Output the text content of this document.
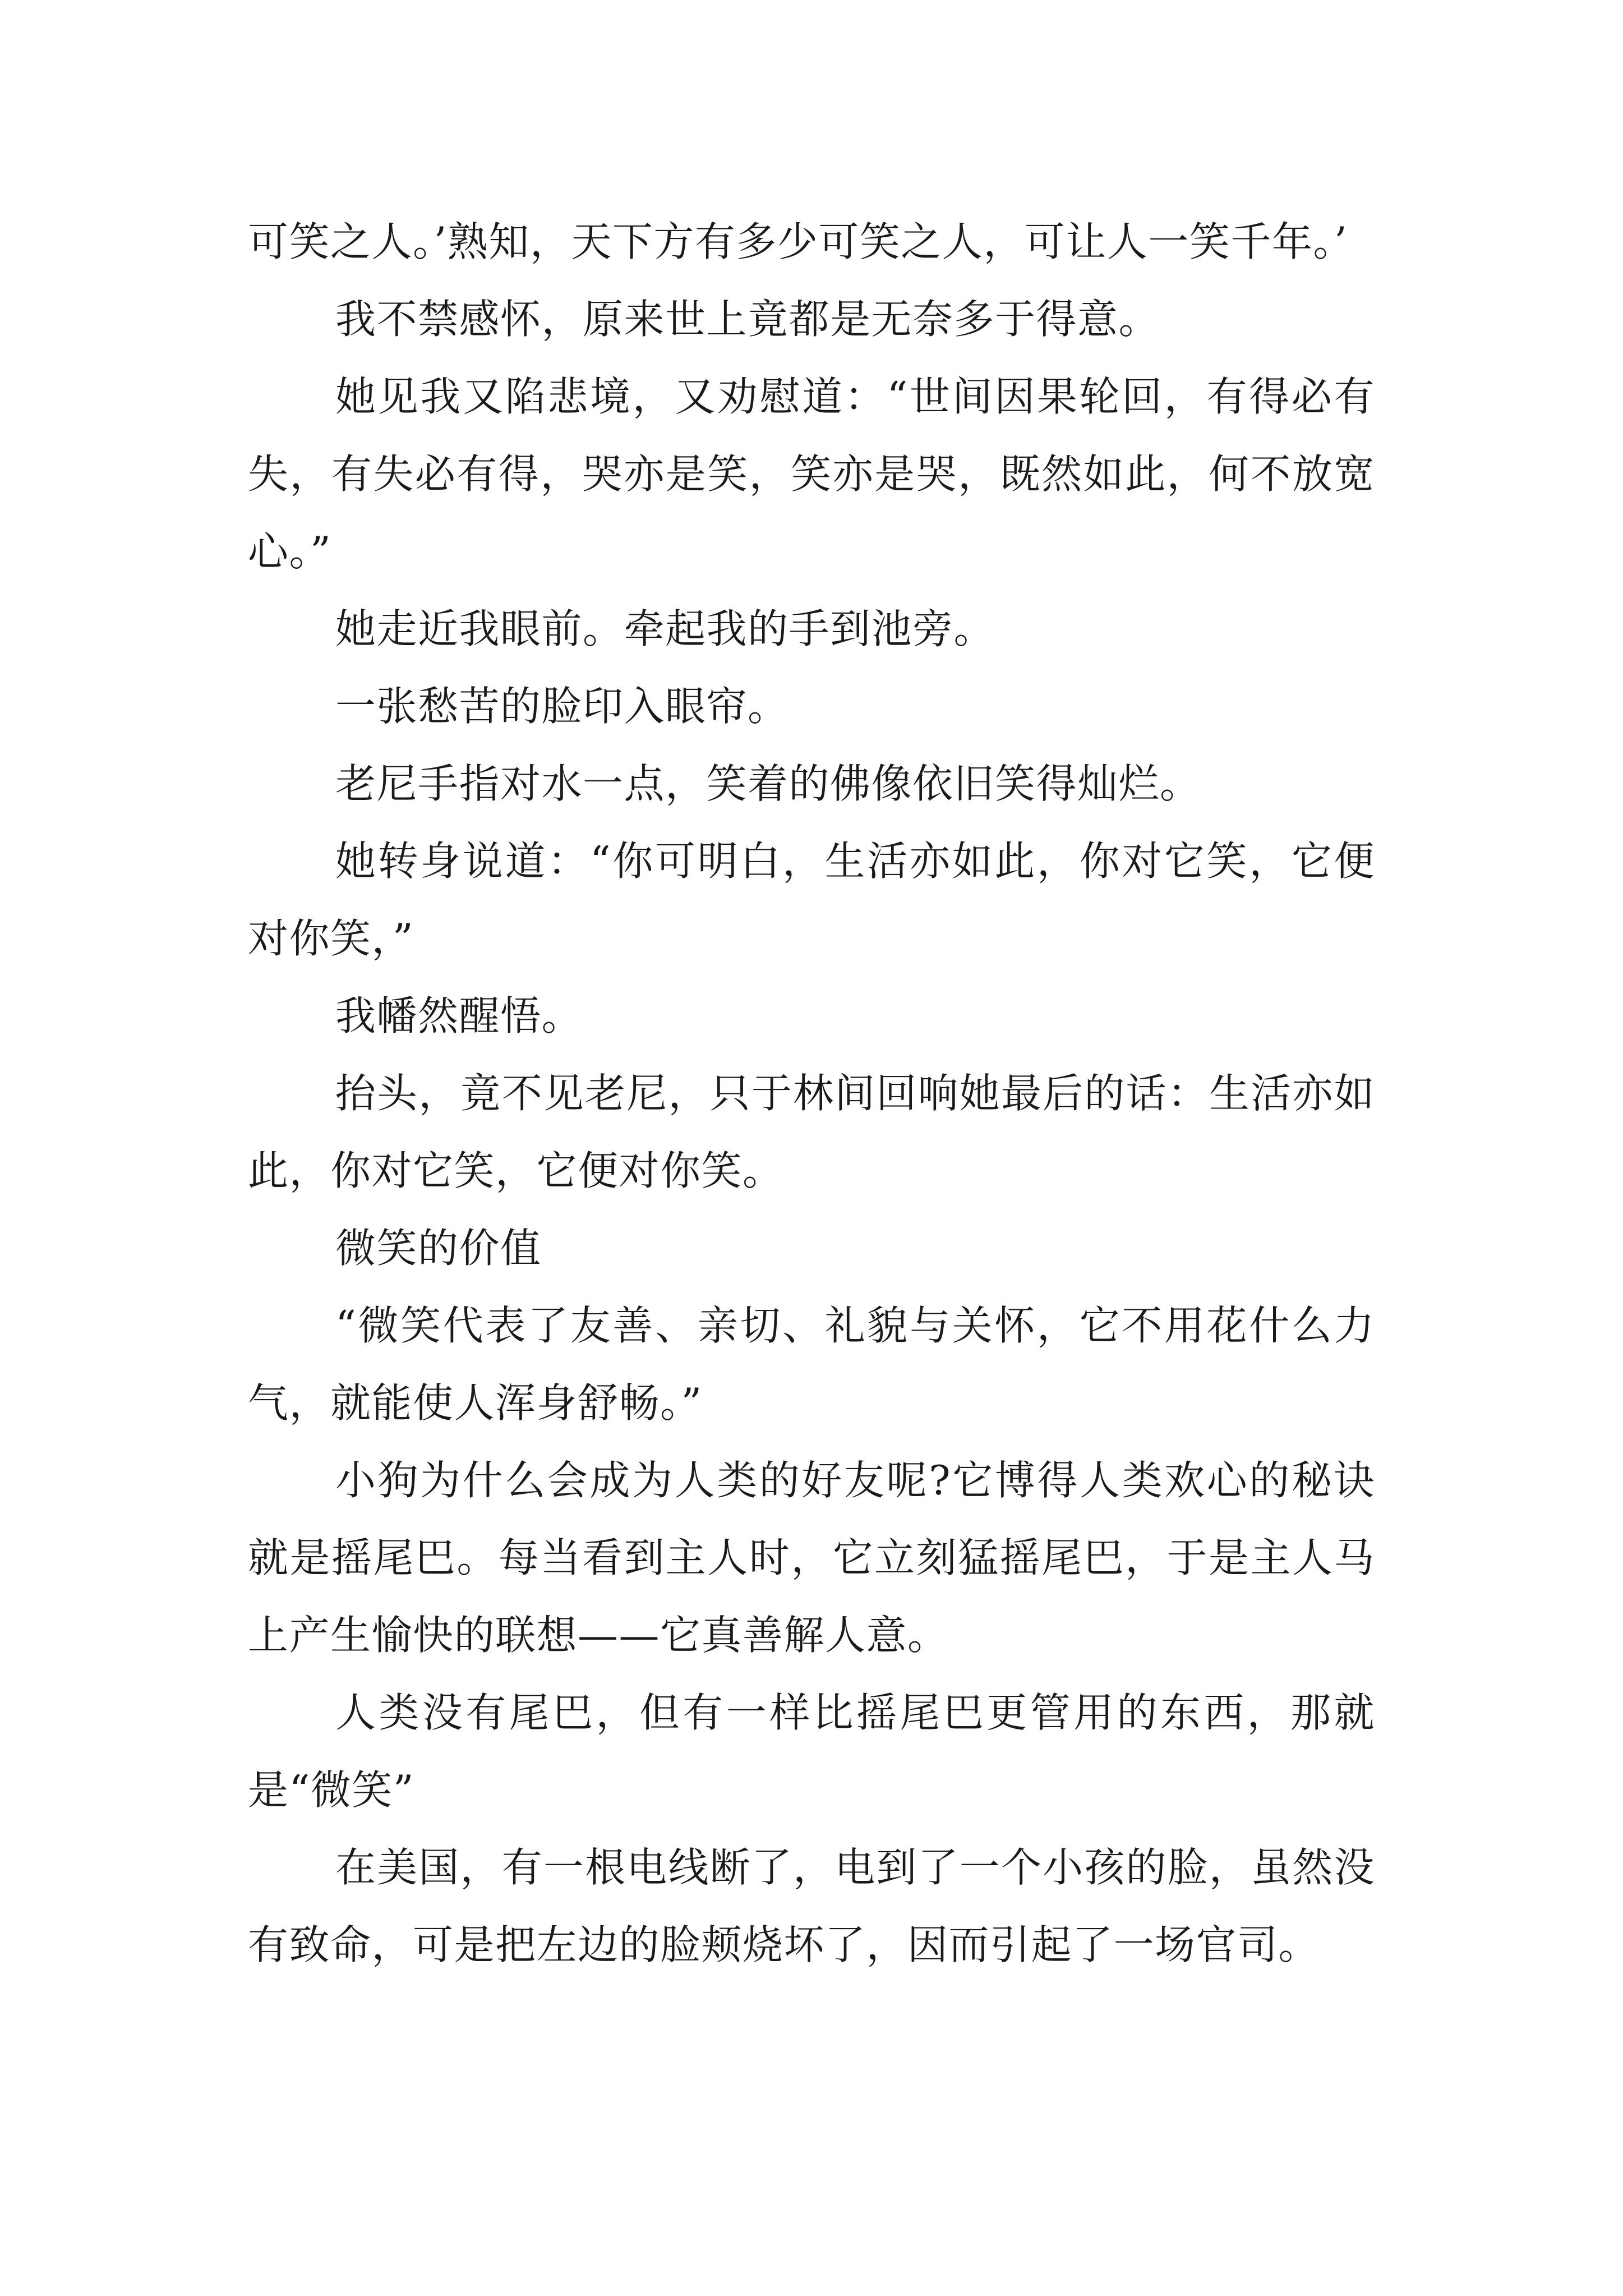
可笑之人。’熟知，天下方有多少可笑之人，可让人一笑千年。’

我不禁感怀，原来世上竟都是无奈多于得意。

她见我又陷悲境，又劝慰道：“世间因果轮回，有得必有失，有失必有得，哭亦是笑，笑亦是哭，既然如此，何不放宽心。”

她走近我眼前。牵起我的手到池旁。

一张愁苦的脸印入眼帘。

老尼手指对水一点，笑着的佛像依旧笑得灿烂。

她转身说道：“你可明白，生活亦如此，你对它笑，它便对你笑，”

我幡然醒悟。

抬头，竟不见老尼，只于林间回响她最后的话：生活亦如此，你对它笑，它便对你笑。

微笑的价值

“微笑代表了友善、亲切、礼貌与关怀，它不用花什么力气，就能使人浑身舒畅。”

小狗为什么会成为人类的好友呢?它博得人类欢心的秘诀就是摇尾巴。每当看到主人时，它立刻猛摇尾巴，于是主人马上产生愉快的联想——它真善解人意。

人类没有尾巴，但有一样比摇尾巴更管用的东西，那就是“微笑”

在美国，有一根电线断了，电到了一个小孩的脸，虽然没有致命，可是把左边的脸颊烧坏了，因而引起了一场官司。
